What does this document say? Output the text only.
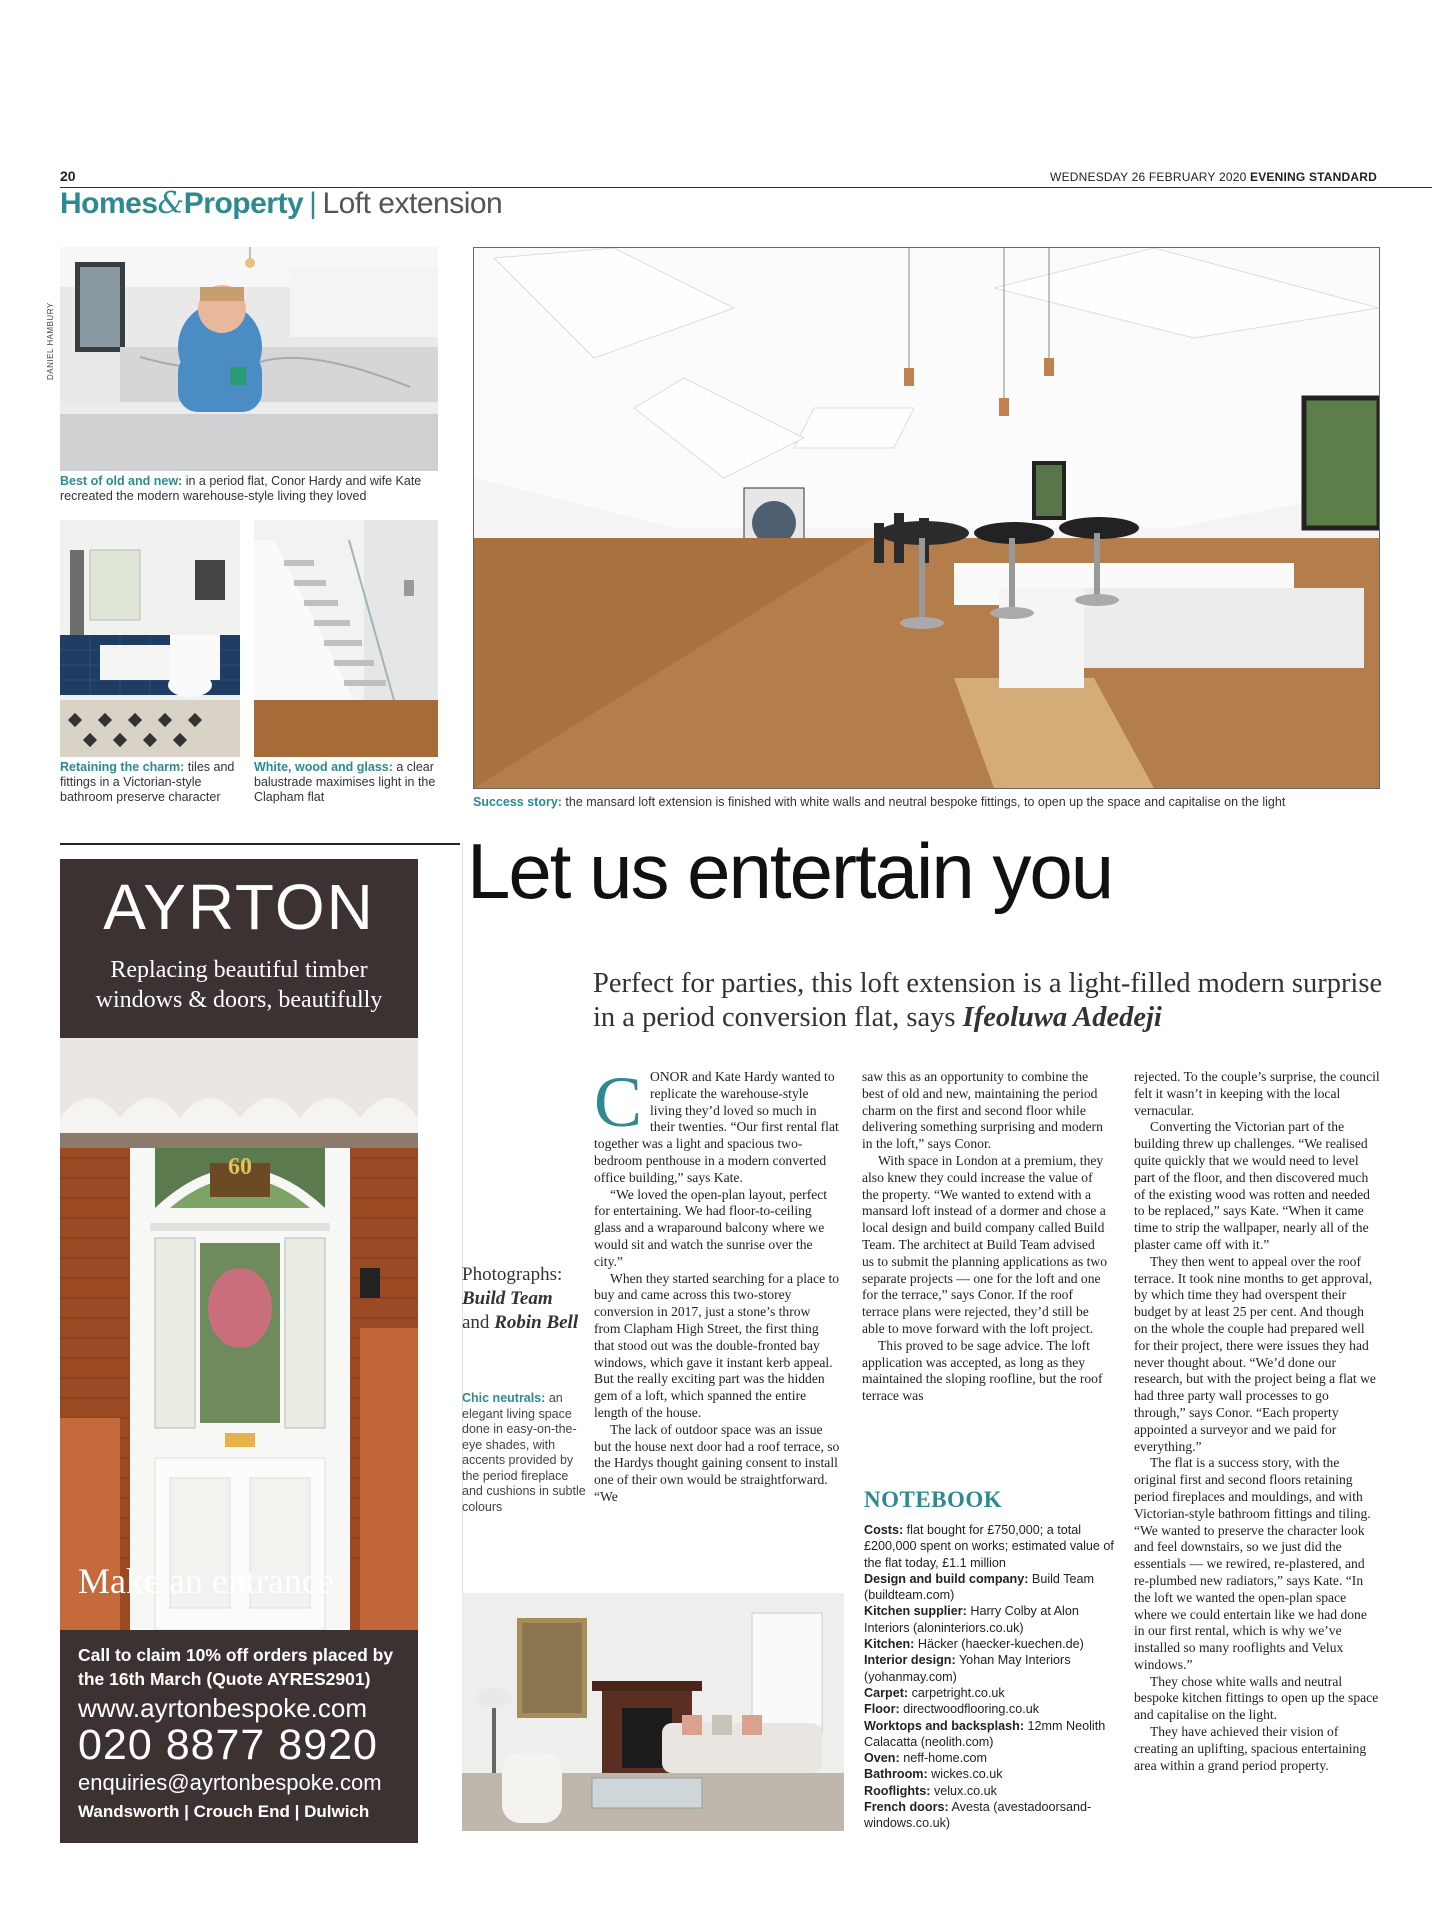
20	WEDNESDAY 26 FEBRUARY 2020 EVENING STANDARD
Homes&Property | Loft extension
DANIEL HAMBURY
Best of old and new: in a period flat, Conor Hardy and wife Kate recreated the modern warehouse-style living they loved
Retaining the charm: tiles and fittings in a Victorian-style bathroom preserve character
White, wood and glass: a clear balustrade maximises light in the Clapham flat	Success story: the mansard loft extension is finished with white walls and neutral bespoke fittings, to open up the space and capitalise on the light
AYRTON
Replacing beautiful timber
windows & doors, beautifully
60
Make an entrance
Call to claim 10% off orders placed by the 16th March (Quote AYRES2901)
www.ayrtonbespoke.com
020 8877 8920
enquiries@ayrtonbespoke.com
Wandsworth | Crouch End | Dulwich
Let us entertain you
Perfect for parties, this loft extension is a light-filled modern surprise in a period conversion flat, says Ifeoluwa Adedeji
Photographs:
Build Team
and Robin Bell
Chic neutrals: an elegant living space done in easy-on-the-eye shades, with accents provided by the period fireplace and cushions in subtle colours
C ONOR and Kate Hardy wanted to replicate the warehouse-style living they’d loved so much in their twenties. “Our first rental flat together was a light and spacious two-bedroom penthouse in a modern converted office building,” says Kate.

“We loved the open-plan layout, perfect for entertaining. We had floor-to-ceiling glass and a wraparound balcony where we would sit and watch the sunrise over the city.”

When they started searching for a place to buy and came across this two-storey conversion in 2017, just a stone’s throw from Clapham High Street, the first thing that stood out was the double-fronted bay windows, which gave it instant kerb appeal. But the really exciting part was the hidden gem of a loft, which spanned the entire length of the house.

The lack of outdoor space was an issue but the house next door had a roof terrace, so the Hardys thought gaining consent to install one of their own would be straightforward. “We

saw this as an opportunity to combine the best of old and new, maintaining the period charm on the first and second floor while delivering something surprising and modern in the loft,” says Conor.

With space in London at a premium, they also knew they could increase the value of the property. “We wanted to extend with a mansard loft instead of a dormer and chose a local design and build company called Build Team. The architect at Build Team advised us to submit the planning applications as two separate projects — one for the loft and one for the terrace,” says Conor. If the roof terrace plans were rejected, they’d still be able to move forward with the loft project.

This proved to be sage advice. The loft application was accepted, as long as they maintained the sloping roofline, but the roof terrace was

NOTEBOOK
Costs: flat bought for £750,000; a total £200,000 spent on works; estimated value of the flat today, £1.1 million
Design and build company: Build Team (buildteam.com)
Kitchen supplier: Harry Colby at Alon Interiors (aloninteriors.co.uk)
Kitchen: Häcker (haecker-kuechen.de)
Interior design: Yohan May Interiors (yohanmay.com)
Carpet: carpetright.co.uk
Floor: directwoodflooring.co.uk
Worktops and backsplash: 12mm Neolith Calacatta (neolith.com)
Oven: neff-home.com
Bathroom: wickes.co.uk
Rooflights: velux.co.uk
French doors: Avesta (avestadoorsand-windows.co.uk)

rejected. To the couple’s surprise, the council felt it wasn’t in keeping with the local vernacular.

Converting the Victorian part of the building threw up challenges. “We realised quite quickly that we would need to level part of the floor, and then discovered much of the existing wood was rotten and needed to be replaced,” says Kate. “When it came time to strip the wallpaper, nearly all of the plaster came off with it.”

They then went to appeal over the roof terrace. It took nine months to get approval, by which time they had overspent their budget by at least 25 per cent. And though on the whole the couple had prepared well for their project, there were issues they had never thought about. “We’d done our research, but with the project being a flat we had three party wall processes to go through,” says Conor. “Each property appointed a surveyor and we paid for everything.”

The flat is a success story, with the original first and second floors retaining period fireplaces and mouldings, and with Victorian-style bathroom fittings and tiling. “We wanted to preserve the character look and feel downstairs, so we just did the essentials — we rewired, re-plastered, and re-plumbed new radiators,” says Kate. “In the loft we wanted the open-plan space where we could entertain like we had done in our first rental, which is why we’ve installed so many rooflights and Velux windows.”

They chose white walls and neutral bespoke kitchen fittings to open up the space and capitalise on the light.

They have achieved their vision of creating an uplifting, spacious entertaining area within a grand period property.
